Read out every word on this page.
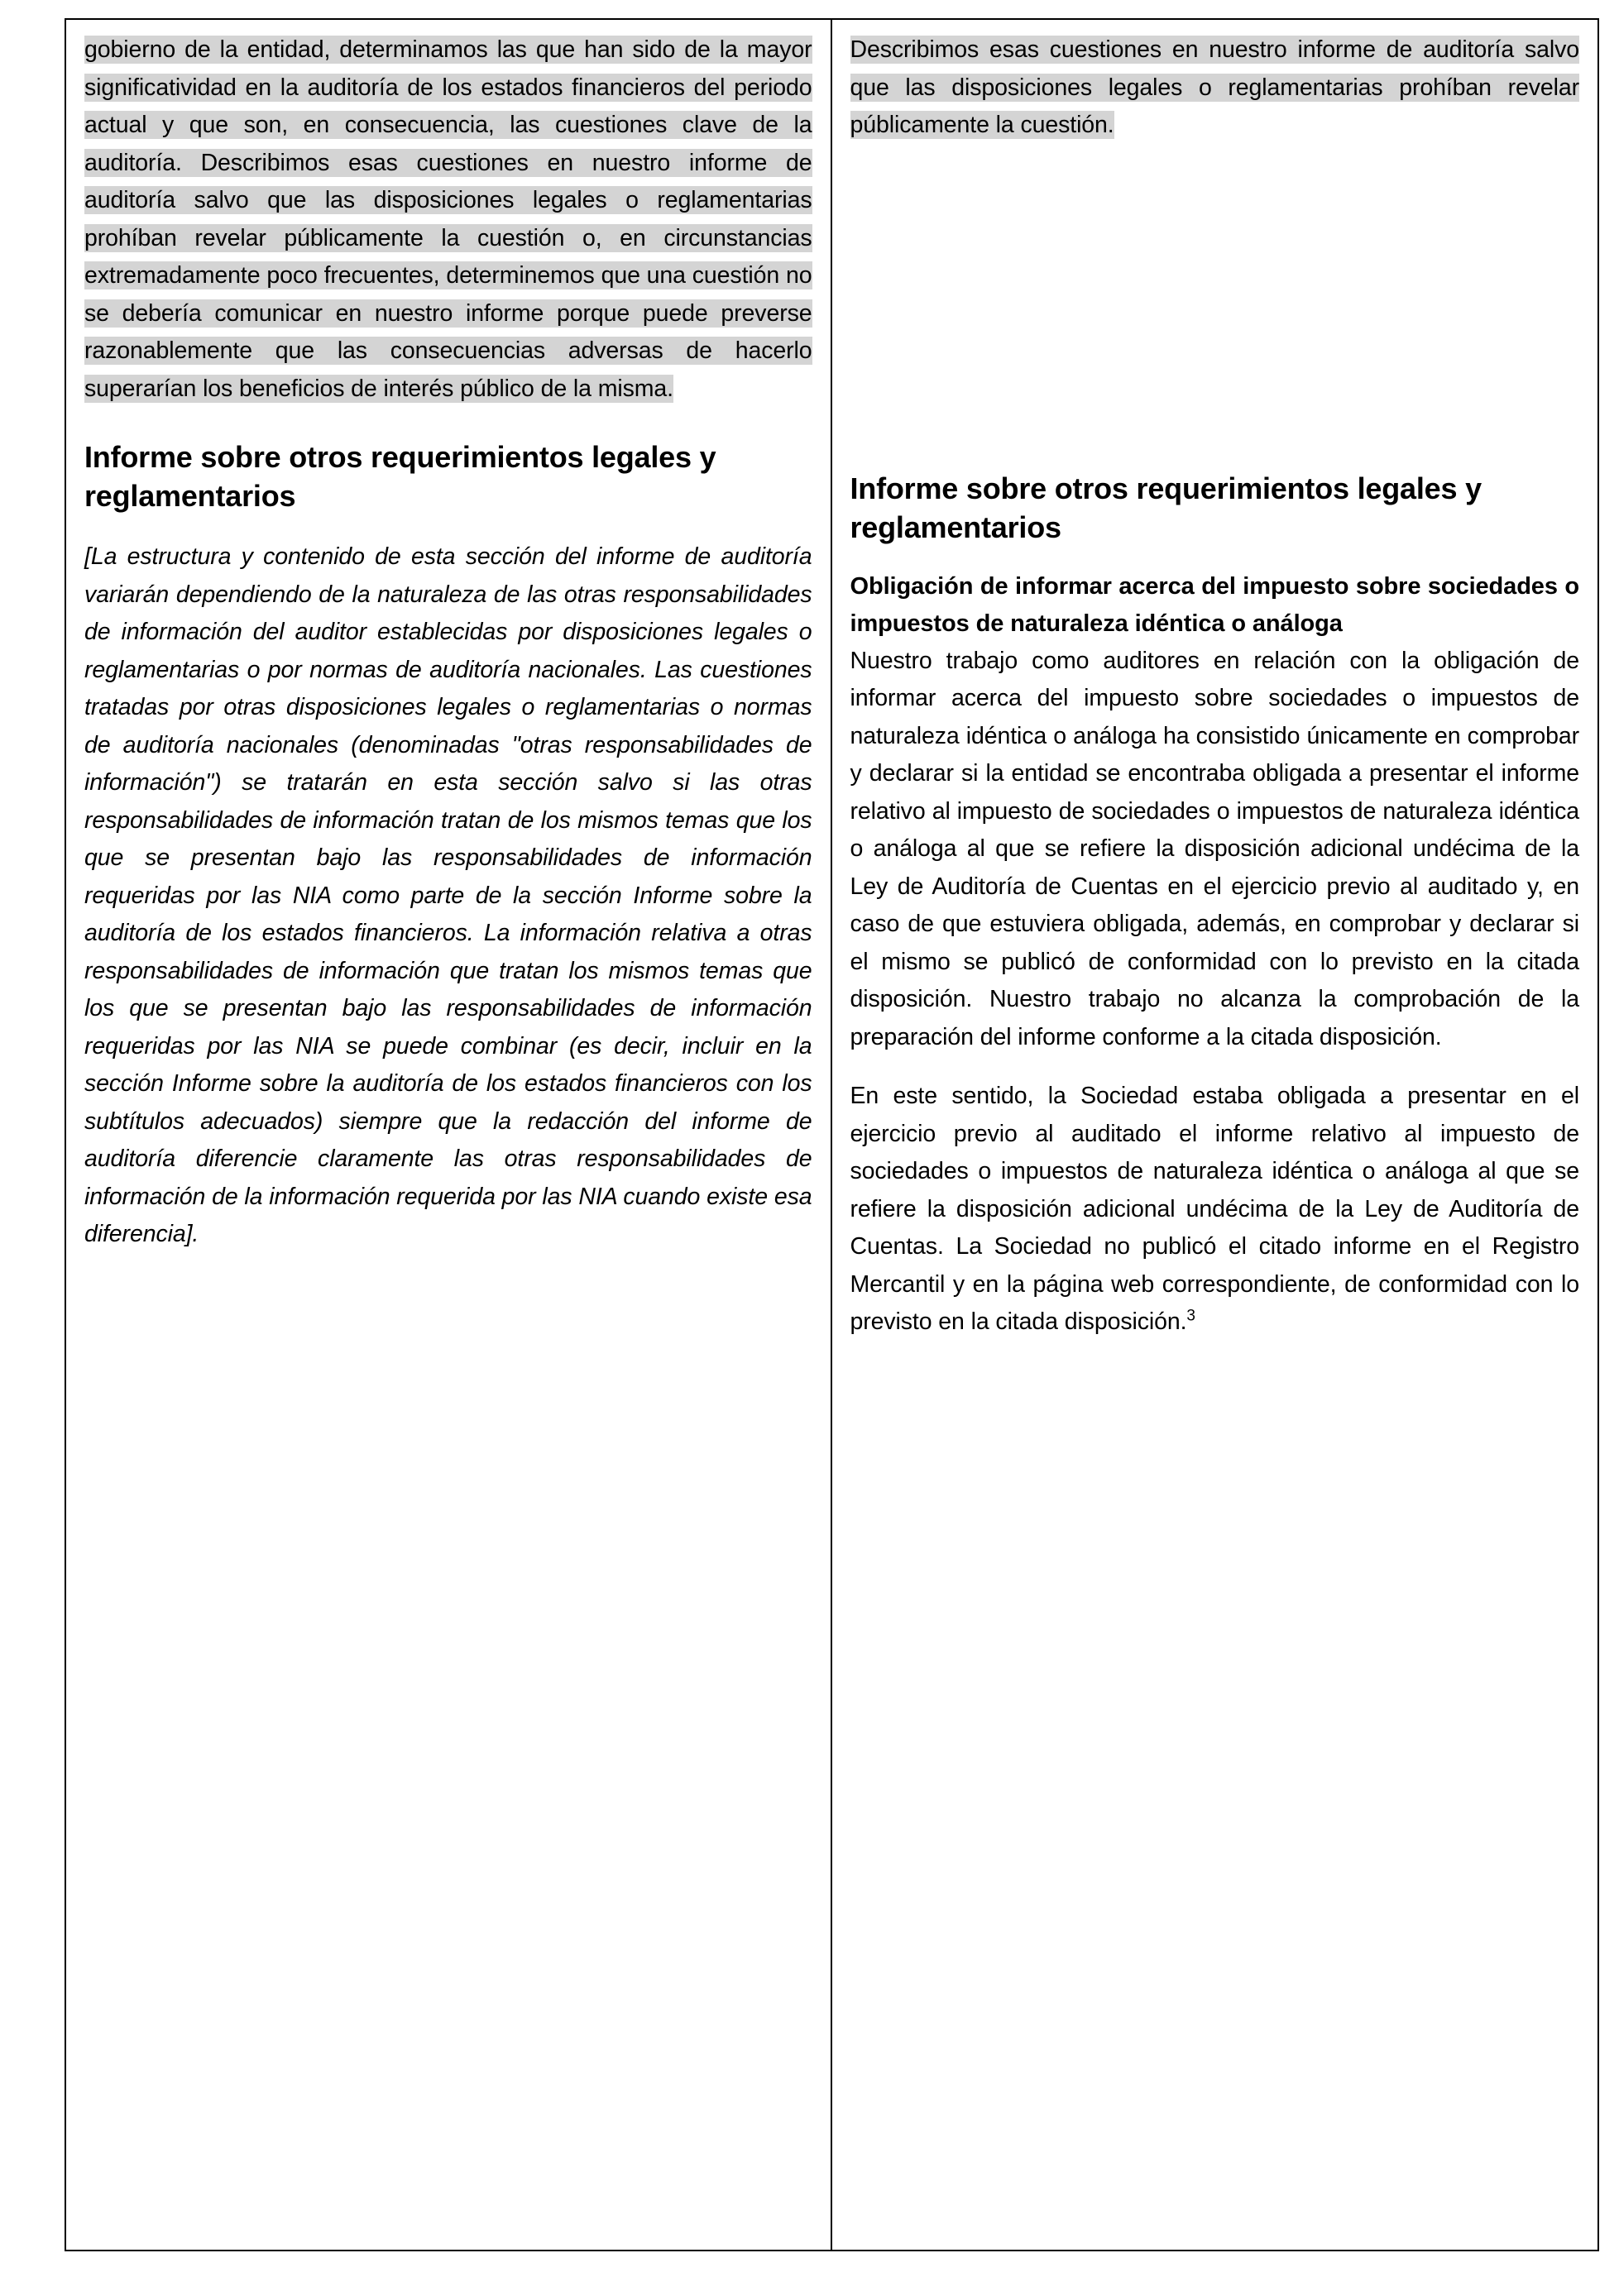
gobierno de la entidad, determinamos las que han sido de la mayor significatividad en la auditoría de los estados financieros del periodo actual y que son, en consecuencia, las cuestiones clave de la auditoría. Describimos esas cuestiones en nuestro informe de auditoría salvo que las disposiciones legales o reglamentarias prohíban revelar públicamente la cuestión o, en circunstancias extremadamente poco frecuentes, determinemos que una cuestión no se debería comunicar en nuestro informe porque puede preverse razonablemente que las consecuencias adversas de hacerlo superarían los beneficios de interés público de la misma.

Informe sobre otros requerimientos legales y reglamentarios

[La estructura y contenido de esta sección del informe de auditoría variarán dependiendo de la naturaleza de las otras responsabilidades de información del auditor establecidas por disposiciones legales o reglamentarias o por normas de auditoría nacionales. Las cuestiones tratadas por otras disposiciones legales o reglamentarias o normas de auditoría nacionales (denominadas "otras responsabilidades de información") se tratarán en esta sección salvo si las otras responsabilidades de información tratan de los mismos temas que los que se presentan bajo las responsabilidades de información requeridas por las NIA como parte de la sección Informe sobre la auditoría de los estados financieros. La información relativa a otras responsabilidades de información que tratan los mismos temas que los que se presentan bajo las responsabilidades de información requeridas por las NIA se puede combinar (es decir, incluir en la sección Informe sobre la auditoría de los estados financieros con los subtítulos adecuados) siempre que la redacción del informe de auditoría diferencie claramente las otras responsabilidades de información de la información requerida por las NIA cuando existe esa diferencia].

Describimos esas cuestiones en nuestro informe de auditoría salvo que las disposiciones legales o reglamentarias prohíban revelar públicamente la cuestión.

Informe sobre otros requerimientos legales y reglamentarios
Obligación de informar acerca del impuesto sobre sociedades o impuestos de naturaleza idéntica o análoga

Nuestro trabajo como auditores en relación con la obligación de informar acerca del impuesto sobre sociedades o impuestos de naturaleza idéntica o análoga ha consistido únicamente en comprobar y declarar si la entidad se encontraba obligada a presentar el informe relativo al impuesto de sociedades o impuestos de naturaleza idéntica o análoga al que se refiere la disposición adicional undécima de la Ley de Auditoría de Cuentas en el ejercicio previo al auditado y, en caso de que estuviera obligada, además, en comprobar y declarar si el mismo se publicó de conformidad con lo previsto en la citada disposición. Nuestro trabajo no alcanza la comprobación de la preparación del informe conforme a la citada disposición.

En este sentido, la Sociedad estaba obligada a presentar en el ejercicio previo al auditado el informe relativo al impuesto de sociedades o impuestos de naturaleza idéntica o análoga al que se refiere la disposición adicional undécima de la Ley de Auditoría de Cuentas. La Sociedad no publicó el citado informe en el Registro Mercantil y en la página web correspondiente, de conformidad con lo previsto en la citada disposición.$^3$
